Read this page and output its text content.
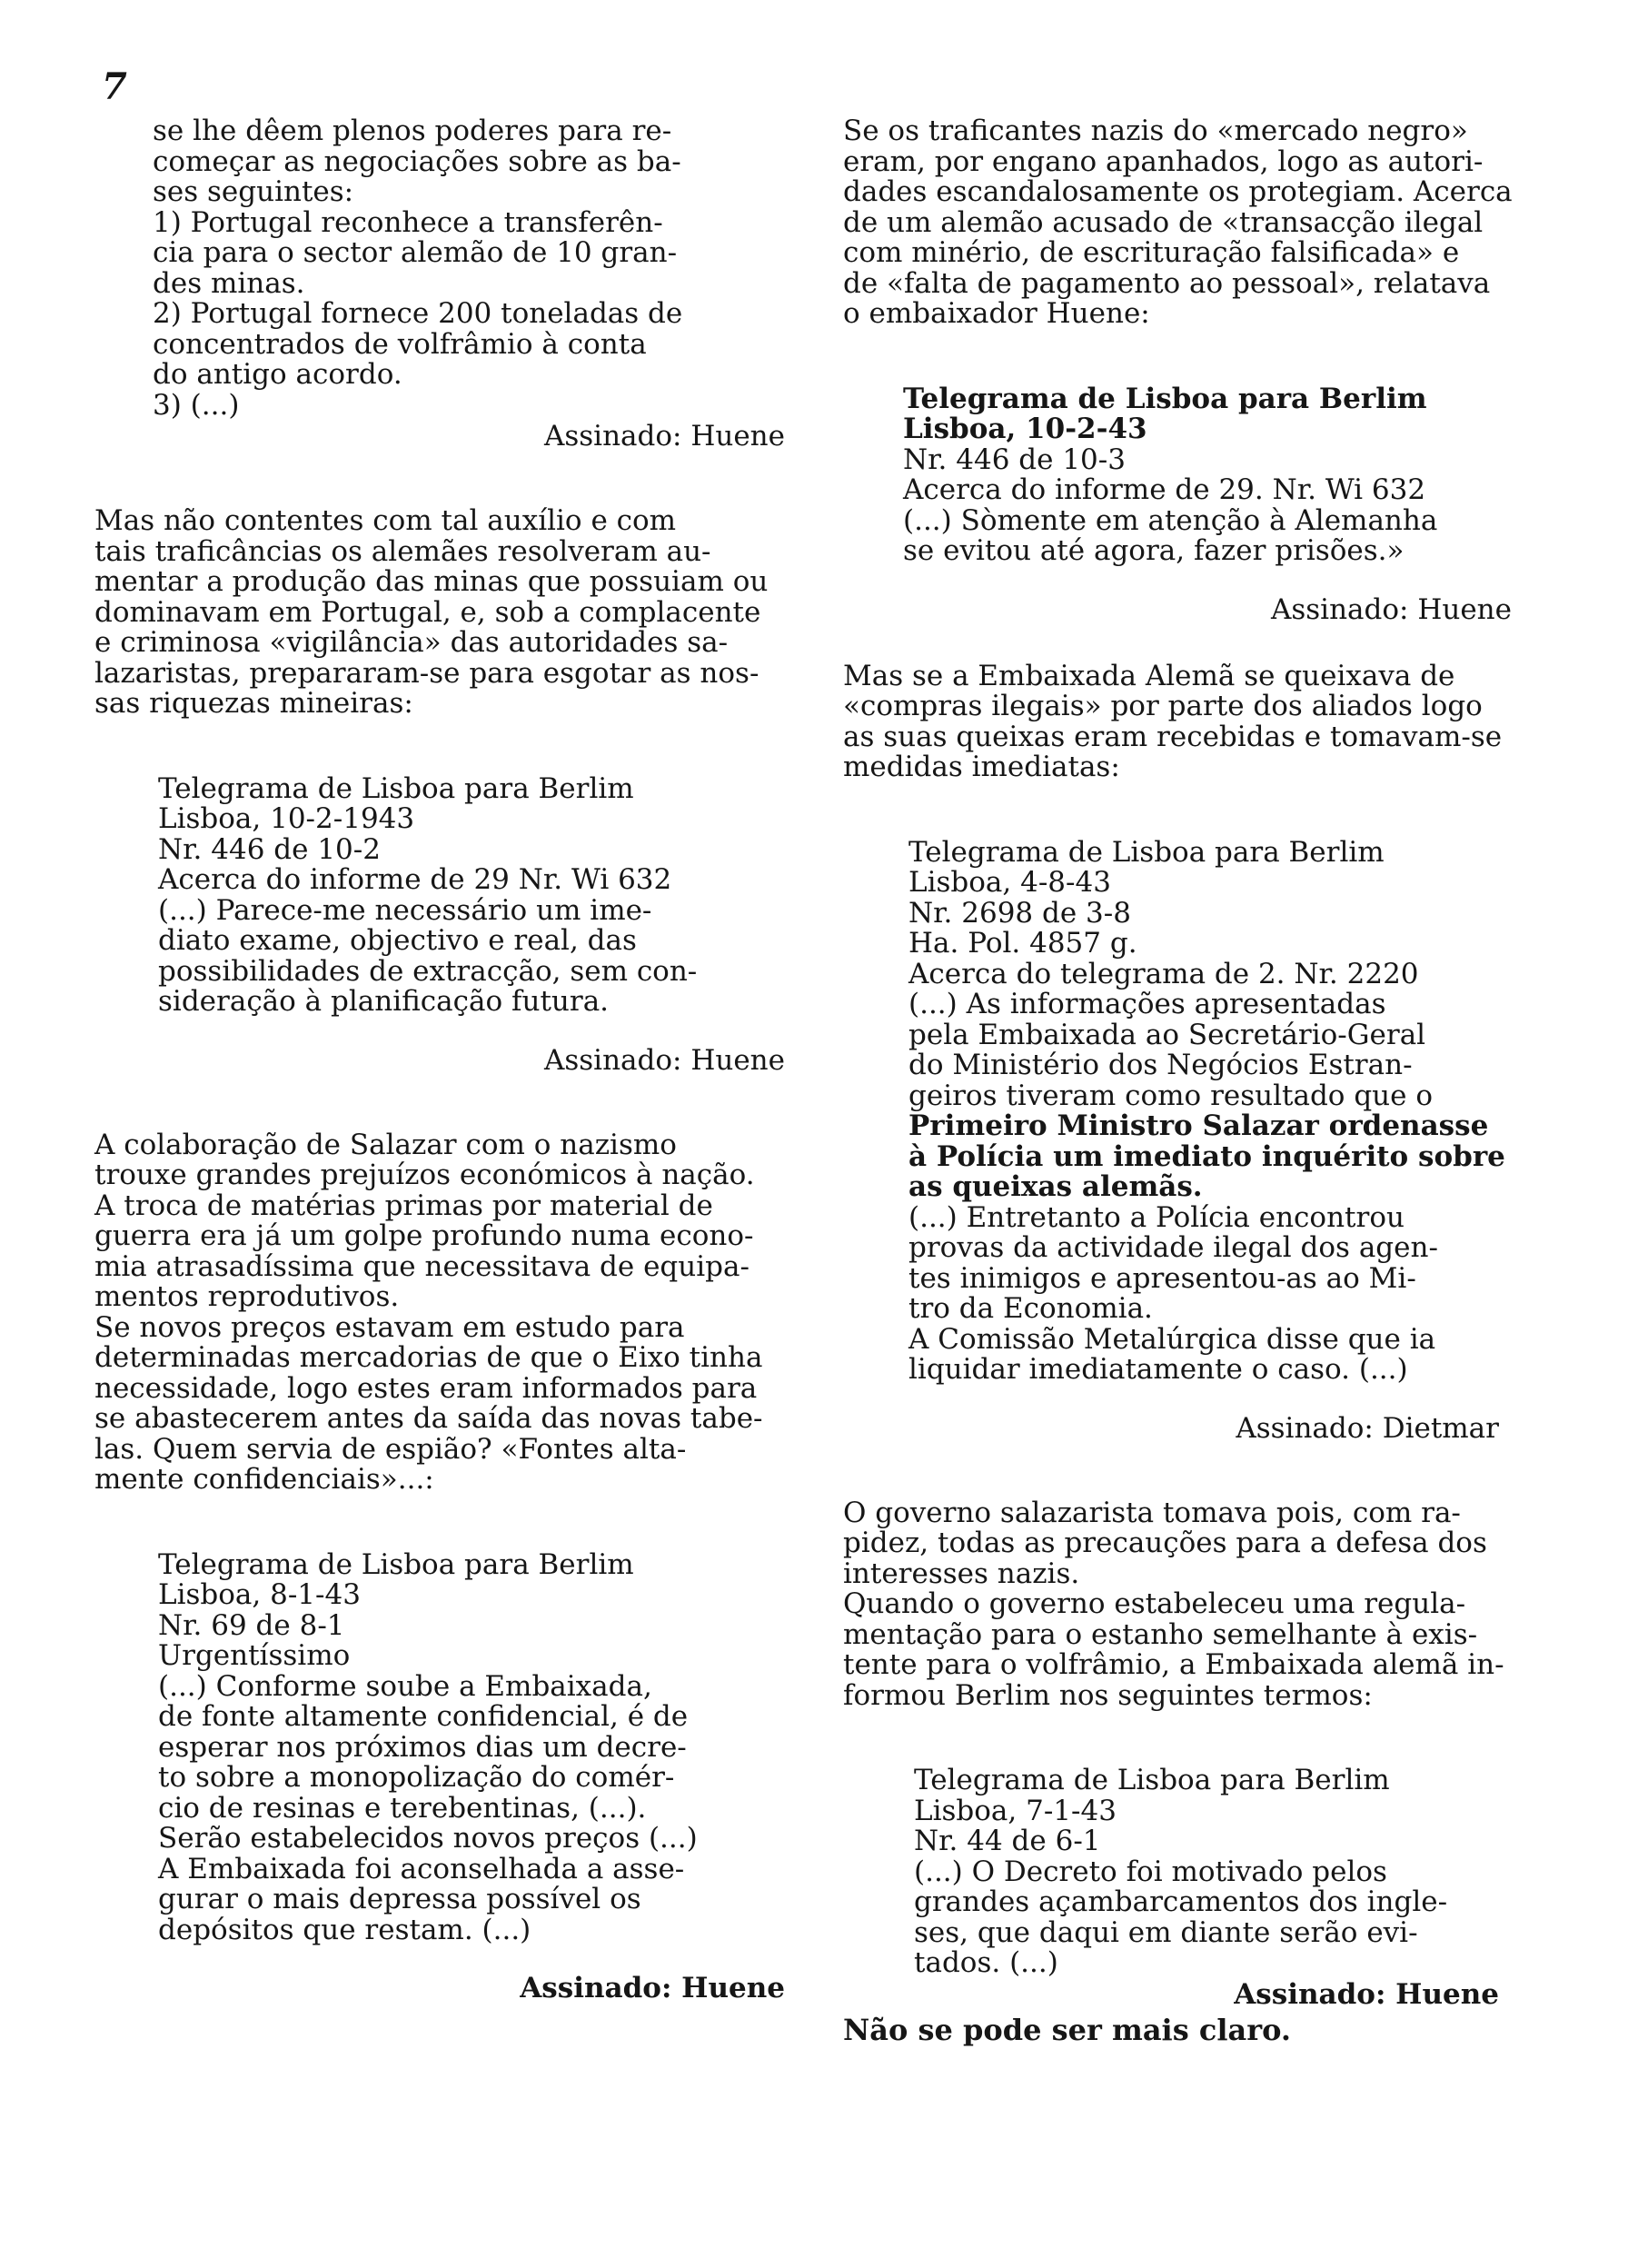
7
se lhe dêem plenos poderes para re-
começar as negociações sobre as ba-
ses seguintes:
1) Portugal reconhece a transferên-
cia para o sector alemão de 10 gran-
des minas.
2) Portugal fornece 200 toneladas de
concentrados de volfrâmio à conta
do antigo acordo.
3) (...)
Assinado: Huene
Mas não contentes com tal auxílio e com
tais traficâncias os alemães resolveram au-
mentar a produção das minas que possuiam ou
dominavam em Portugal, e, sob a complacente
e criminosa «vigilância» das autoridades sa-
lazaristas, prepararam-se para esgotar as nos-
sas riquezas mineiras:
Telegrama de Lisboa para Berlim
Lisboa, 10-2-1943
Nr. 446 de 10-2
Acerca do informe de 29 Nr. Wi 632
(...) Parece-me necessário um ime-
diato exame, objectivo e real, das
possibilidades de extracção, sem con-
sideração à planificação futura.
Assinado: Huene
A colaboração de Salazar com o nazismo
trouxe grandes prejuízos económicos à nação.
A troca de matérias primas por material de
guerra era já um golpe profundo numa econo-
mia atrasadíssima que necessitava de equipa-
mentos reprodutivos.
Se novos preços estavam em estudo para
determinadas mercadorias de que o Eixo tinha
necessidade, logo estes eram informados para
se abastecerem antes da saída das novas tabe-
las. Quem servia de espião? «Fontes alta-
mente confidenciais»...:
Telegrama de Lisboa para Berlim
Lisboa, 8-1-43
Nr. 69 de 8-1
Urgentíssimo
(...) Conforme soube a Embaixada,
de fonte altamente confidencial, é de
esperar nos próximos dias um decre-
to sobre a monopolização do comér-
cio de resinas e terebentinas, (...).
Serão estabelecidos novos preços (...)
A Embaixada foi aconselhada a asse-
gurar o mais depressa possível os
depósitos que restam. (...)
Assinado: Huene
Se os traficantes nazis do «mercado negro»
eram, por engano apanhados, logo as autori-
dades escandalosamente os protegiam. Acerca
de um alemão acusado de «transacção ilegal
com minério, de escrituração falsificada» e
de «falta de pagamento ao pessoal», relatava
o embaixador Huene:
Telegrama de Lisboa para Berlim
Lisboa, 10-2-43
Nr. 446 de 10-3
Acerca do informe de 29. Nr. Wi 632
(...) Sòmente em atenção à Alemanha
se evitou até agora, fazer prisões.»
Assinado: Huene
Mas se a Embaixada Alemã se queixava de
«compras ilegais» por parte dos aliados logo
as suas queixas eram recebidas e tomavam-se
medidas imediatas:
Telegrama de Lisboa para Berlim
Lisboa, 4-8-43
Nr. 2698 de 3-8
Ha. Pol. 4857 g.
Acerca do telegrama de 2. Nr. 2220
(...) As informações apresentadas
pela Embaixada ao Secretário-Geral
do Ministério dos Negócios Estran-
geiros tiveram como resultado que o
Primeiro Ministro Salazar ordenasse
à Polícia um imediato inquérito sobre
as queixas alemãs.
(...) Entretanto a Polícia encontrou
provas da actividade ilegal dos agen-
tes inimigos e apresentou-as ao Mi-
tro da Economia.
A Comissão Metalúrgica disse que ia
liquidar imediatamente o caso. (...)
Assinado: Dietmar
O governo salazarista tomava pois, com ra-
pidez, todas as precauções para a defesa dos
interesses nazis.
Quando o governo estabeleceu uma regula-
mentação para o estanho semelhante à exis-
tente para o volfrâmio, a Embaixada alemã in-
formou Berlim nos seguintes termos:
Telegrama de Lisboa para Berlim
Lisboa, 7-1-43
Nr. 44 de 6-1
(...) O Decreto foi motivado pelos
grandes açambarcamentos dos ingle-
ses, que daqui em diante serão evi-
tados. (...)
Assinado: Huene
Não se pode ser mais claro.
